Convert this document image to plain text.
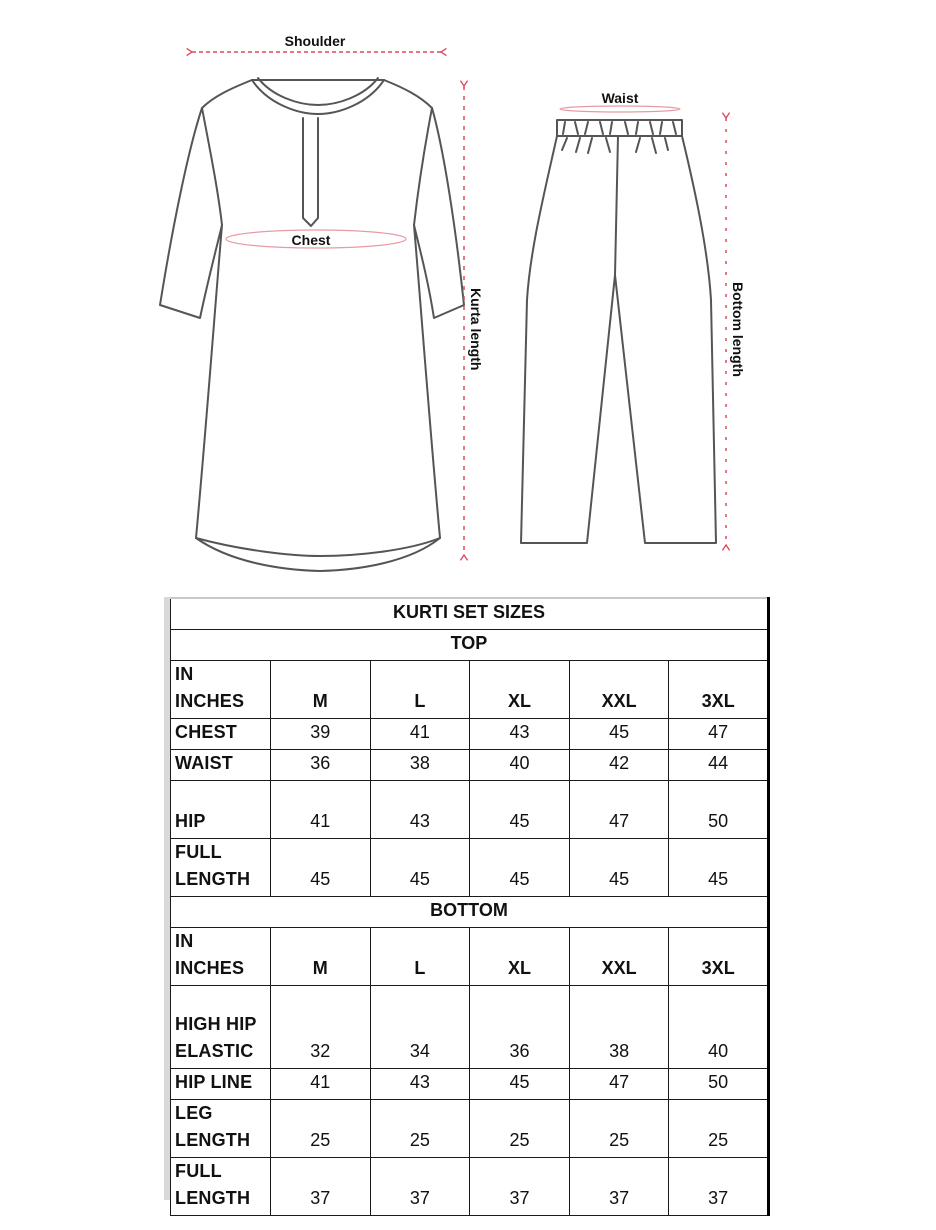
Shoulder
Chest
Kurta length
Waist
Bottom length
KURTI SET SIZES					
TOP					
IN
INCHES	M	L	XL	XXL	3XL
CHEST	39	41	43	45	47
WAIST	36	38	40	42	44
HIP	41	43	45	47	50
FULL
LENGTH	45	45	45	45	45
BOTTOM					
IN
INCHES	M	L	XL	XXL	3XL
HIGH HIP
ELASTIC	32	34	36	38	40
HIP LINE	41	43	45	47	50
LEG
LENGTH	25	25	25	25	25
FULL
LENGTH	37	37	37	37	37
